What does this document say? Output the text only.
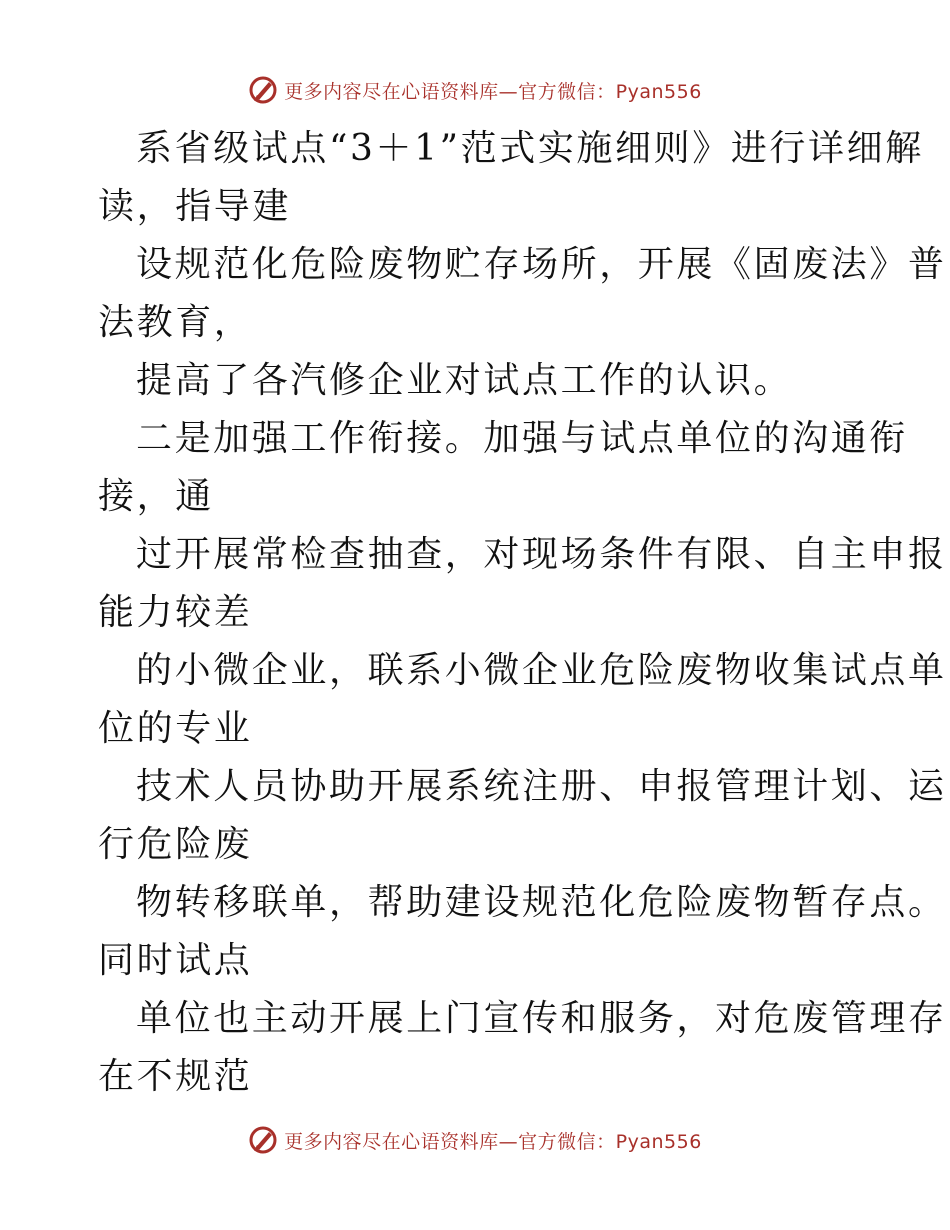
更多内容尽在心语资料库—官方微信：Pyan556

系省级试点“3＋1”范式实施细则》进行详细解
读，指导建

设规范化危险废物贮存场所，开展《固废法》普
法教育，

提高了各汽修企业对试点工作的认识。

二是加强工作衔接。加强与试点单位的沟通衔
接，通

过开展常检查抽查，对现场条件有限、自主申报
能力较差

的小微企业，联系小微企业危险废物收集试点单
位的专业

技术人员协助开展系统注册、申报管理计划、运
行危险废

物转移联单，帮助建设规范化危险废物暂存点。
同时试点

单位也主动开展上门宣传和服务，对危废管理存
在不规范

更多内容尽在心语资料库—官方微信：Pyan556
